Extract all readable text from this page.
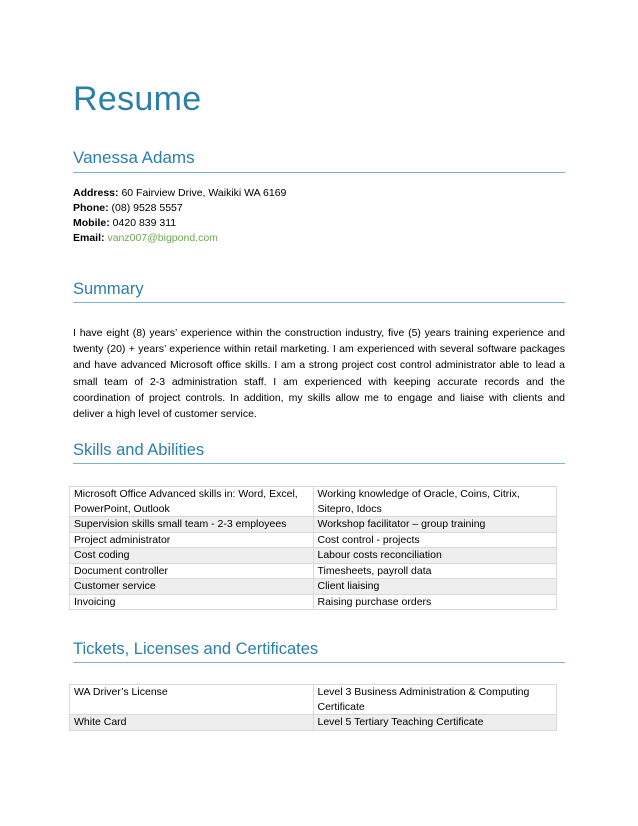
Resume
Vanessa Adams
Address: 60 Fairview Drive, Waikiki WA 6169
Phone: (08) 9528 5557
Mobile: 0420 839 311
Email: vanz007@bigpond.com
Summary
I have eight (8) years’ experience within the construction industry, five (5) years training experience and twenty (20) + years’ experience within retail marketing. I am experienced with several software packages and have advanced Microsoft office skills. I am a strong project cost control administrator able to lead a small team of 2-3 administration staff. I am experienced with keeping accurate records and the coordination of project controls. In addition, my skills allow me to engage and liaise with clients and deliver a high level of customer service.
Skills and Abilities
Microsoft Office Advanced skills in: Word, Excel, PowerPoint, Outlook	Working knowledge of Oracle, Coins, Citrix, Sitepro, Idocs
Supervision skills small team - 2-3 employees	Workshop facilitator – group training
Project administrator	Cost control - projects
Cost coding	Labour costs reconciliation
Document controller	Timesheets, payroll data
Customer service	Client liaising
Invoicing	Raising purchase orders
Tickets, Licenses and Certificates
WA Driver’s License	Level 3 Business Administration & Computing Certificate
White Card	Level 5 Tertiary Teaching Certificate
